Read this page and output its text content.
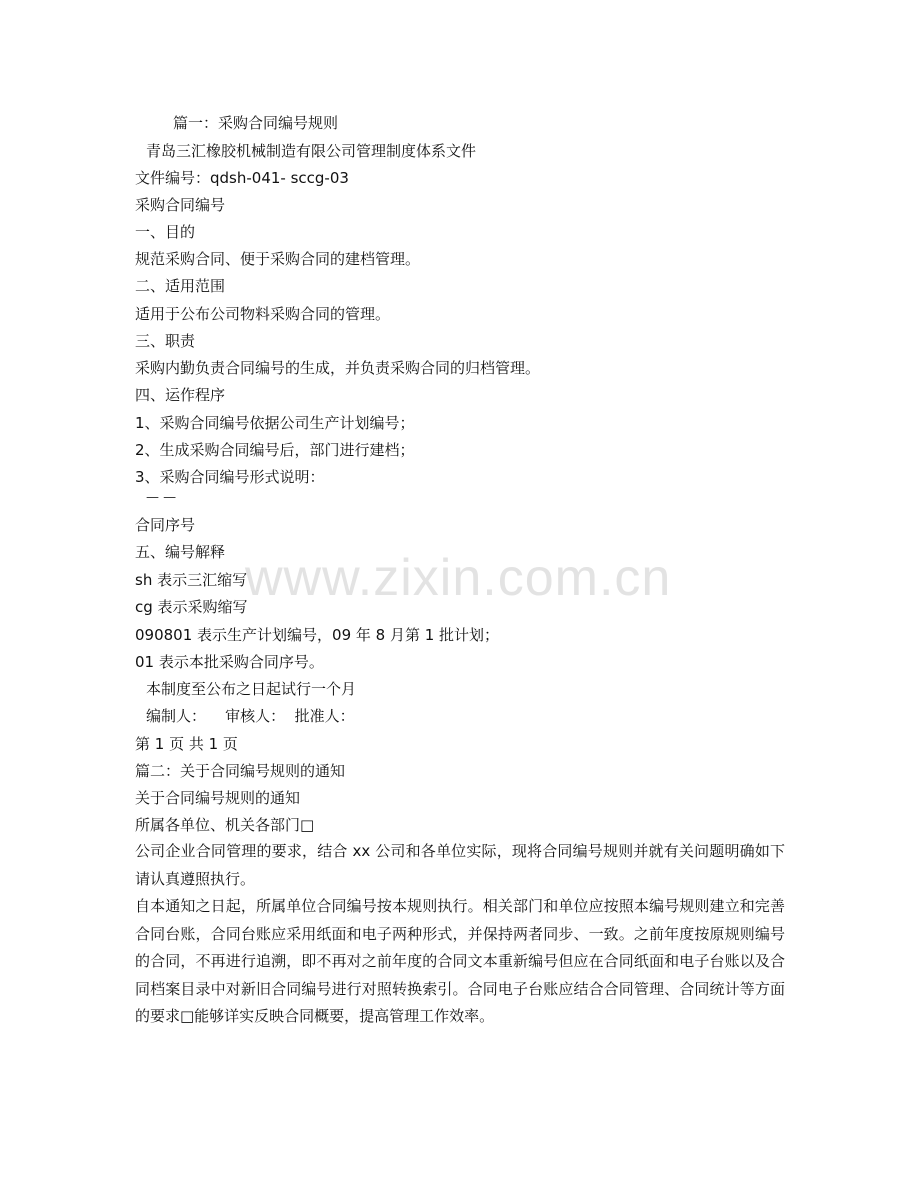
www.zixin.com.cn
篇一：采购合同编号规则
青岛三汇橡胶机械制造有限公司管理制度体系文件
文件编号：qdsh-041- sccg-03
采购合同编号
一、目的
规范采购合同、便于采购合同的建档管理。
二、适用范围
适用于公布公司物料采购合同的管理。
三、职责
采购内勤负责合同编号的生成，并负责采购合同的归档管理。
四、运作程序
1、采购合同编号依据公司生产计划编号；
2、生成采购合同编号后，部门进行建档；
3、采购合同编号形式说明：
— —
合同序号
五、编号解释
sh 表示三汇缩写
cg 表示采购缩写
090801 表示生产计划编号，09 年 8 月第 1 批计划；
01 表示本批采购合同序号。
本制度至公布之日起试行一个月
编制人：    审核人：  批准人：
第 1 页 共 1 页
篇二：关于合同编号规则的通知
关于合同编号规则的通知
所属各单位、机关各部门□
公司企业合同管理的要求，结合 xx 公司和各单位实际，现将合同编号规则并就有关问题明确如下请认真遵照执行。
自本通知之日起，所属单位合同编号按本规则执行。相关部门和单位应按照本编号规则建立和完善合同台账，合同台账应采用纸面和电子两种形式，并保持两者同步、一致。之前年度按原规则编号的合同，不再进行追溯，即不再对之前年度的合同文本重新编号但应在合同纸面和电子台账以及合同档案目录中对新旧合同编号进行对照转换索引。合同电子台账应结合合同管理、合同统计等方面的要求□能够详实反映合同概要，提高管理工作效率。
